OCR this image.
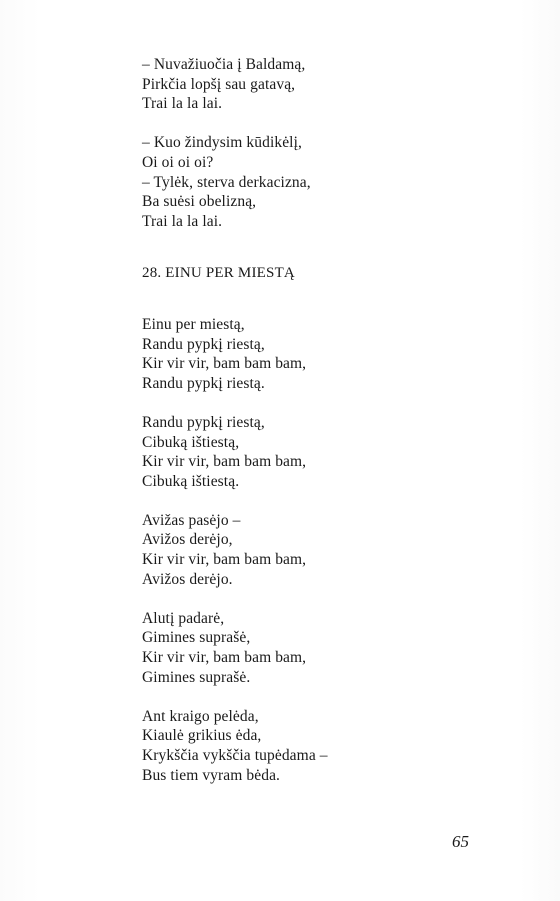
– Nuvažiuočia į Baldamą,
Pirkčia lopšį sau gatavą,
Trai la la lai.
– Kuo žindysim kūdikėlį,
Oi oi oi oi?
– Tylėk, sterva derkacizna,
Ba suėsi obelizną,
Trai la la lai.
28. EINU PER MIESTĄ
Einu per miestą,
Randu pypkį riestą,
Kir vir vir, bam bam bam,
Randu pypkį riestą.
Randu pypkį riestą,
Cibuką ištiestą,
Kir vir vir, bam bam bam,
Cibuką ištiestą.
Avižas pasėjo –
Avižos derėjo,
Kir vir vir, bam bam bam,
Avižos derėjo.
Alutį padarė,
Gimines suprašė,
Kir vir vir, bam bam bam,
Gimines suprašė.
Ant kraigo pelėda,
Kiaulė grikius ėda,
Krykščia vykščia tupėdama –
Bus tiem vyram bėda.
65
